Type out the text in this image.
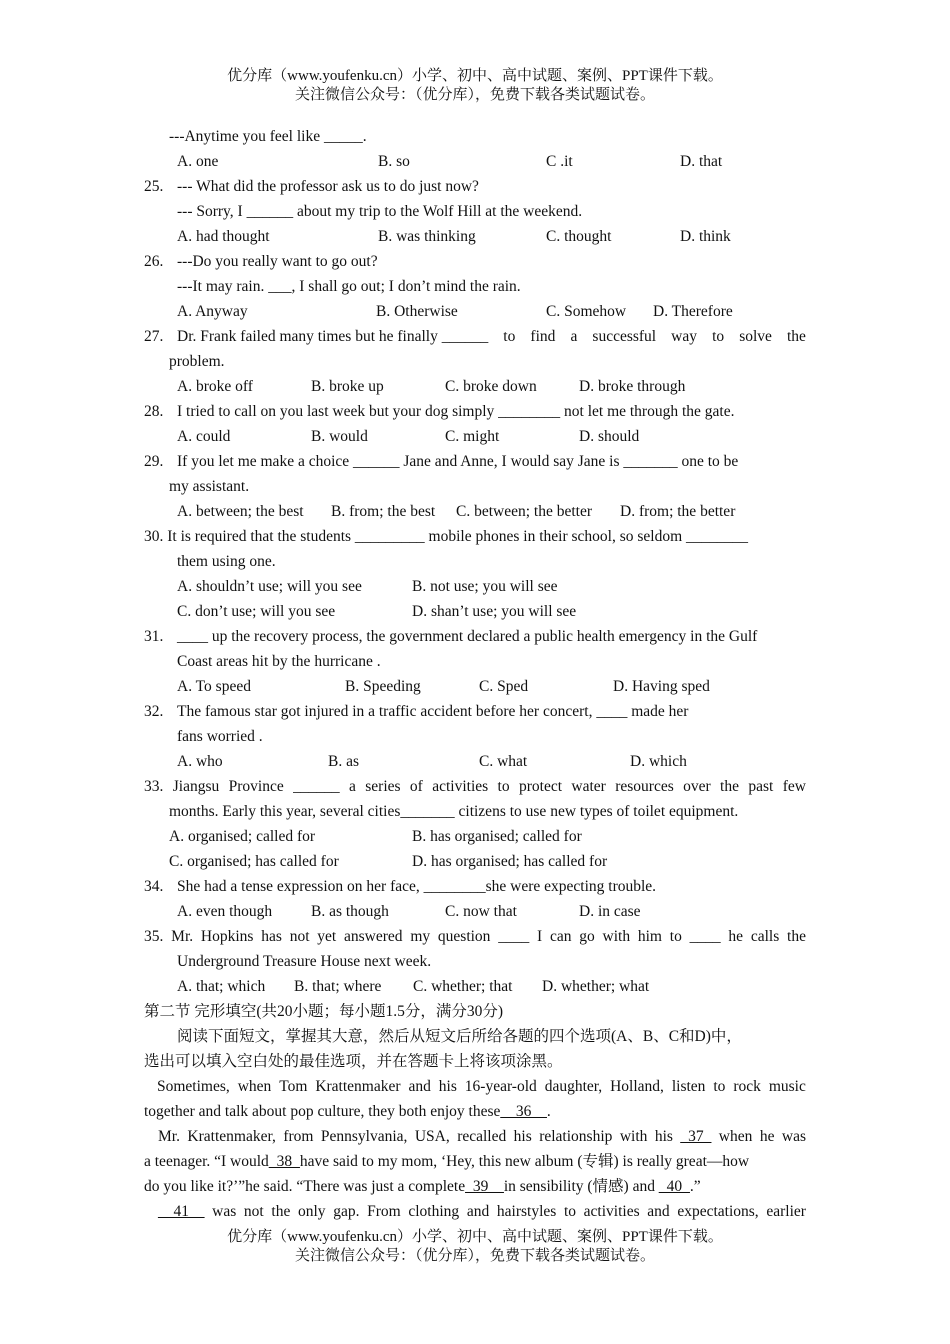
优分库（www.youfenku.cn）小学、初中、高中试题、案例、PPT课件下载。
关注微信公众号：（优分库），免费下载各类试题试卷。
---Anytime you feel like _____.
A. one	B. so	C .it	D. that
25. --- What did the professor ask us to do just now?
--- Sorry, I ______ about my trip to the Wolf Hill at the weekend.
A. had thought	B. was thinking	C. thought	D. think
26. ---Do you really want to go out?
---It may rain. ___, I shall go out; I don’t mind the rain.
A. Anyway	B. Otherwise	C. Somehow D. Therefore
27. Dr. Frank failed many times but he finally ______ to find a successful way to solve the
problem.
A. broke off	B. broke up	C. broke down	D. broke through
28. I tried to call on you last week but your dog simply ________ not let me through the gate.
A. could	B. would	C. might	D. should
29. If you let me make a choice ______ Jane and Anne, I would say Jane is _______ one to be
my assistant.
A. between; the best B. from; the best C. between; the better D. from; the better
30. It is required that the students _________ mobile phones in their school, so seldom ________
them using one.
A. shouldn’t use; will you see	B. not use; you will see
C. don’t use; will you see	D. shan’t use; you will see
31. ____ up the recovery process, the government declared a public health emergency in the Gulf
Coast areas hit by the hurricane .
A. To speed	B. Speeding	C. Sped	D. Having sped
32. The famous star got injured in a traffic accident before her concert, ____ made her
fans worried .
A. who	B. as	C. what	D. which
33. Jiangsu Province ______ a series of activities to protect water resources over the past few
months. Early this year, several cities_______ citizens to use new types of toilet equipment.
A. organised; called for	B. has organised; called for
C. organised; has called for	D. has organised; has called for
34. She had a tense expression on her face, ________she were expecting trouble.
A. even though	B. as though	C. now that	D. in case
35. Mr. Hopkins has not yet answered my question ____ I can go with him to ____ he calls the
Underground Treasure House next week.
A. that; which B. that; where C. whether; that D. whether; what
第二节 完形填空(共20小题；每小题1.5分，满分30分)
阅读下面短文，掌握其大意，然后从短文后所给各题的四个选项(A、B、C和D)中，
选出可以填入空白处的最佳选项，并在答题卡上将该项涂黑。
Sometimes, when Tom Krattenmaker and his 16-year-old daughter, Holland, listen to rock music
together and talk about pop culture, they both enjoy these__36__.
Mr. Krattenmaker, from Pennsylvania, USA, recalled his relationship with his _37_ when he was
a teenager. “I would_38_have said to my mom, ‘Hey, this new album (专辑) is really great—how
do you like it?’”he said. “There was just a complete_39__in sensibility (情感) and _40_.”
__41__ was not the only gap. From clothing and hairstyles to activities and expectations, earlier
优分库（www.youfenku.cn）小学、初中、高中试题、案例、PPT课件下载。
关注微信公众号：（优分库），免费下载各类试题试卷。
